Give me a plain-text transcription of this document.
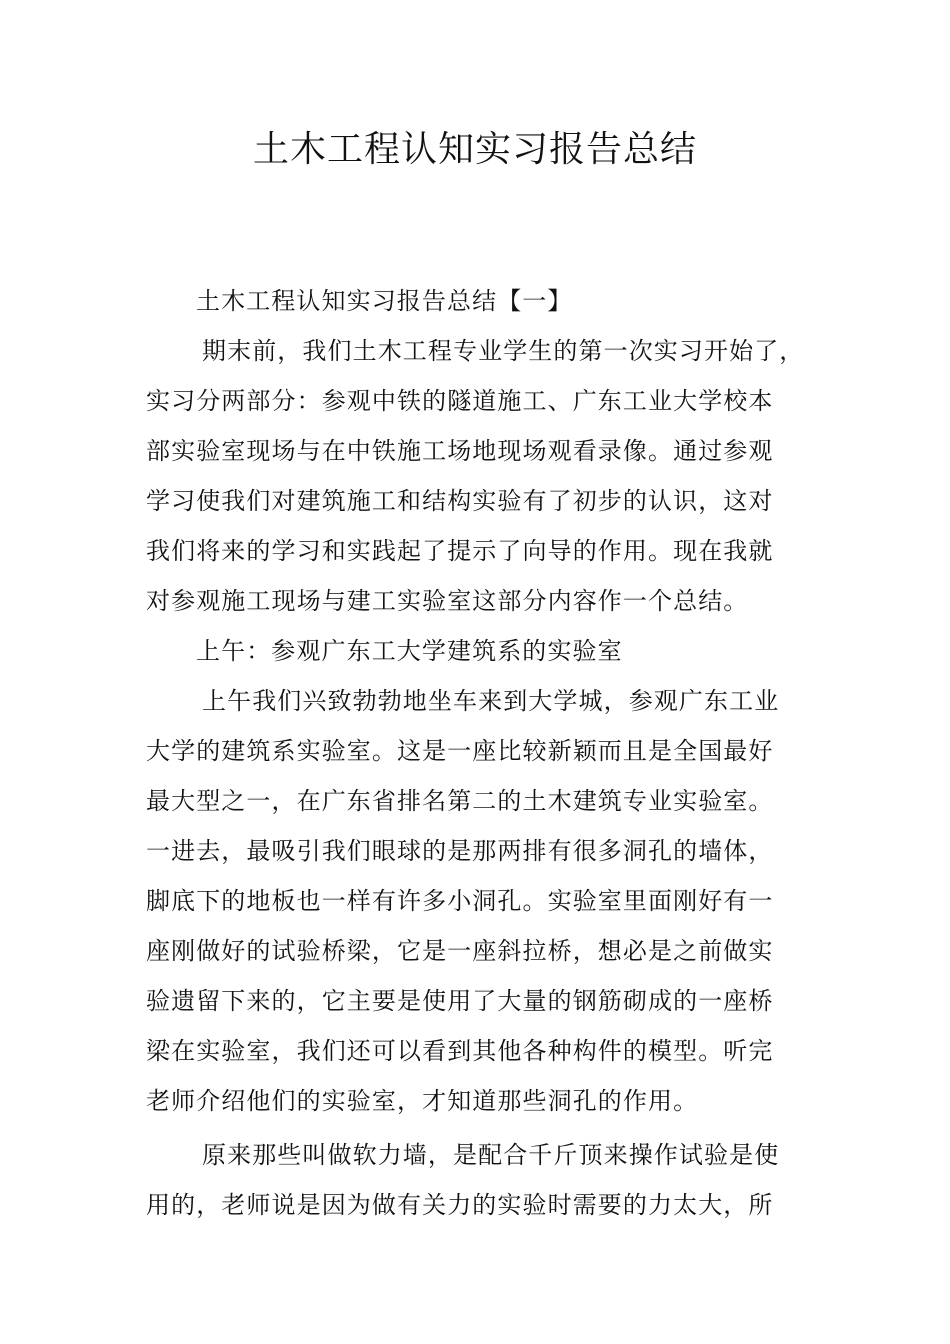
土木工程认知实习报告总结
土木工程认知实习报告总结【一】
期末前，我们土木工程专业学生的第一次实习开始了，
实习分两部分：参观中铁的隧道施工、广东工业大学校本
部实验室现场与在中铁施工场地现场观看录像。通过参观
学习使我们对建筑施工和结构实验有了初步的认识，这对
我们将来的学习和实践起了提示了向导的作用。现在我就
对参观施工现场与建工实验室这部分内容作一个总结。
上午：参观广东工大学建筑系的实验室
上午我们兴致勃勃地坐车来到大学城，参观广东工业
大学的建筑系实验室。这是一座比较新颖而且是全国最好
最大型之一，在广东省排名第二的土木建筑专业实验室。
一进去，最吸引我们眼球的是那两排有很多洞孔的墙体，
脚底下的地板也一样有许多小洞孔。实验室里面刚好有一
座刚做好的试验桥梁，它是一座斜拉桥，想必是之前做实
验遗留下来的，它主要是使用了大量的钢筋砌成的一座桥
梁在实验室，我们还可以看到其他各种构件的模型。听完
老师介绍他们的实验室，才知道那些洞孔的作用。
原来那些叫做软力墙，是配合千斤顶来操作试验是使
用的，老师说是因为做有关力的实验时需要的力太大，所
